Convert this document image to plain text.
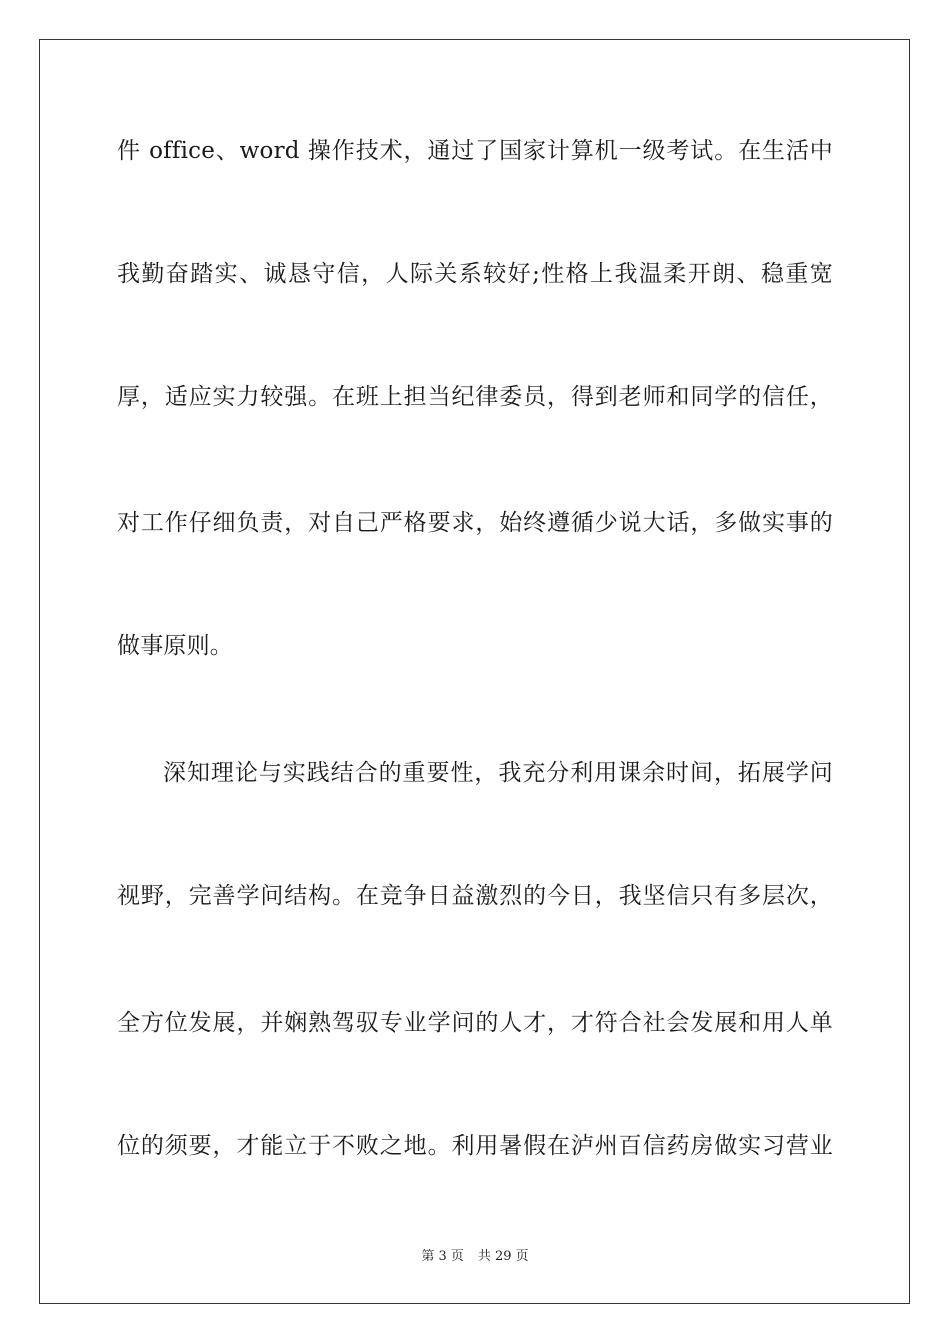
件 office、word 操作技术，通过了国家计算机一级考试。在生活中
我勤奋踏实、诚恳守信，人际关系较好;性格上我温柔开朗、稳重宽
厚，适应实力较强。在班上担当纪律委员，得到老师和同学的信任，
对工作仔细负责，对自己严格要求，始终遵循少说大话，多做实事的
做事原则。
深知理论与实践结合的重要性，我充分利用课余时间，拓展学问
视野，完善学问结构。在竞争日益激烈的今日，我坚信只有多层次，
全方位发展，并娴熟驾驭专业学问的人才，才符合社会发展和用人单
位的须要，才能立于不败之地。利用暑假在泸州百信药房做实习营业
第 3 页 共 29 页
